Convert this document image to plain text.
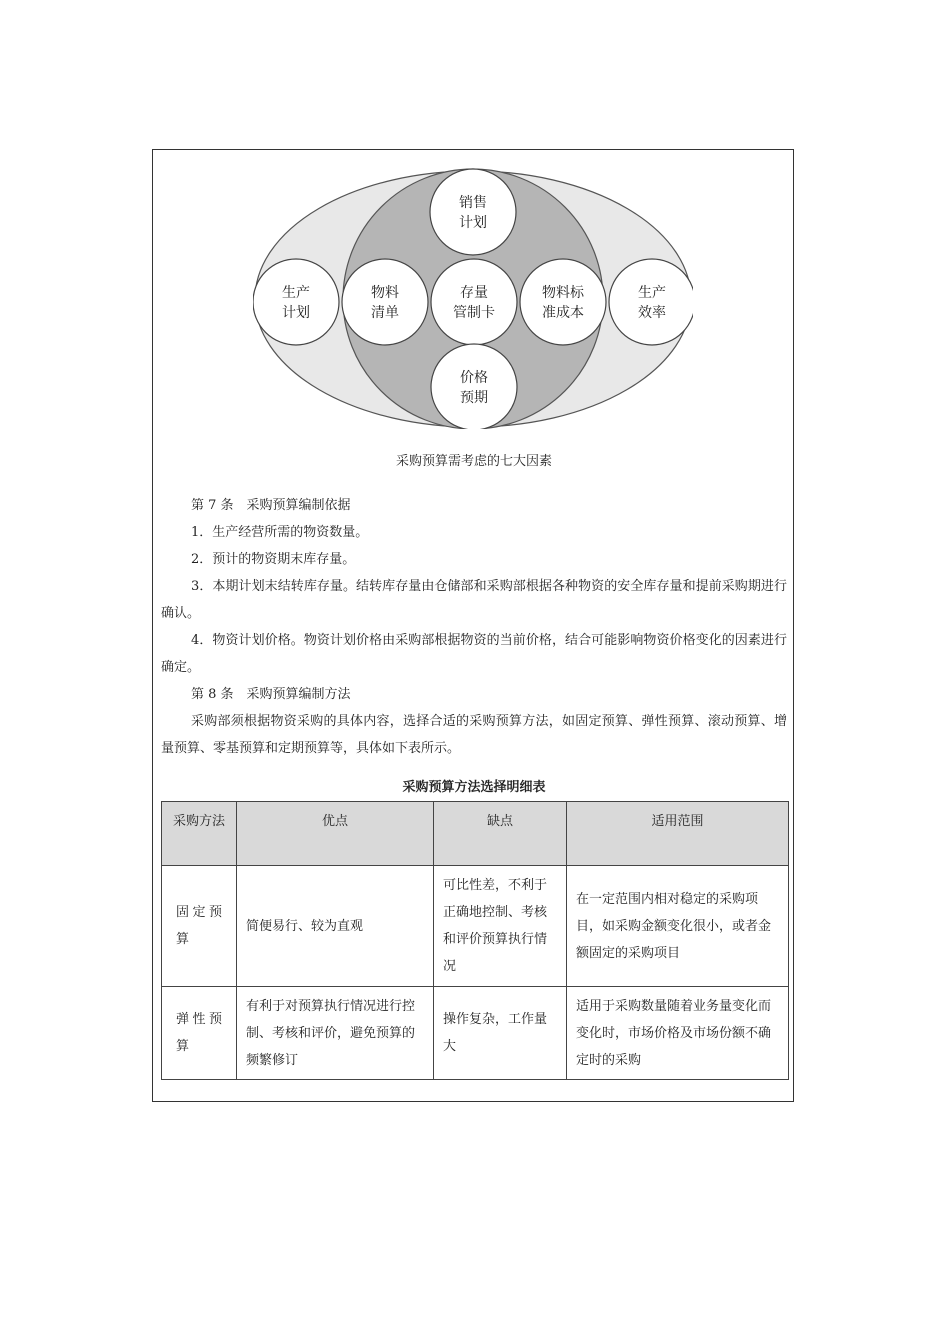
销售
计划
生产
计划
物料
清单
存量
管制卡
物料标
准成本
生产
效率
价格
预期
采购预算需考虑的七大因素

第 7 条　采购预算编制依据

1．生产经营所需的物资数量。

2．预计的物资期末库存量。

3．本期计划末结转库存量。结转库存量由仓储部和采购部根据各种物资的安全库存量和提前采购期进行确认。

4．物资计划价格。物资计划价格由采购部根据物资的当前价格，结合可能影响物资价格变化的因素进行确定。

第 8 条　采购预算编制方法

采购部须根据物资采购的具体内容，选择合适的采购预算方法，如固定预算、弹性预算、滚动预算、增量预算、零基预算和定期预算等，具体如下表所示。

采购预算方法选择明细表
采购方法	优点	缺点	适用范围
固定预算	简便易行、较为直观	可比性差，不利于正确地控制、考核和评价预算执行情况	在一定范围内相对稳定的采购项目，如采购金额变化很小，或者金额固定的采购项目
弹性预算	有利于对预算执行情况进行控制、考核和评价，避免预算的频繁修订	操作复杂，工作量大	适用于采购数量随着业务量变化而变化时，市场价格及市场份额不确定时的采购
